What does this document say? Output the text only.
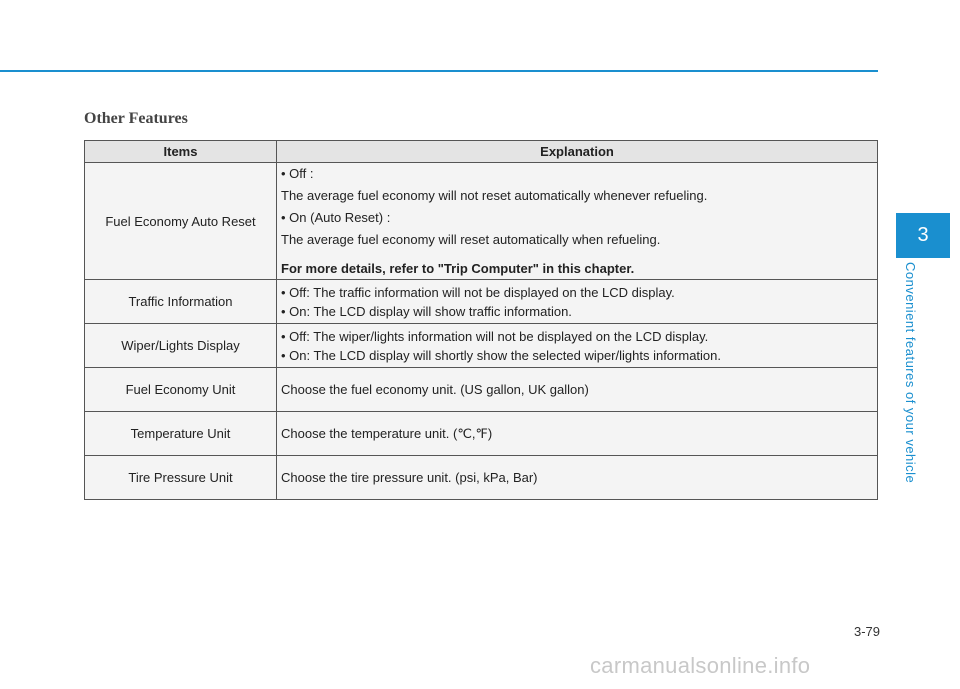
Other Features
Items	Explanation
Fuel Economy Auto Reset	• Off :
The average fuel economy will not reset automatically whenever refueling.
• On (Auto Reset) :
The average fuel economy will reset automatically when refueling.
For more details, refer to "Trip Computer" in this chapter.

Traffic Information	• Off: The traffic information will not be displayed on the LCD display.
• On: The LCD display will show traffic information.

Wiper/Lights Display	• Off: The wiper/lights information will not be displayed on the LCD display.
• On: The LCD display will shortly show the selected wiper/lights information.

Fuel Economy Unit	Choose the fuel economy unit. (US gallon, UK gallon)

Temperature Unit	Choose the temperature unit. (℃,℉)

Tire Pressure Unit	Choose the tire pressure unit. (psi, kPa, Bar)
3
Convenient features of your vehicle
3-79
carmanualsonline.info
